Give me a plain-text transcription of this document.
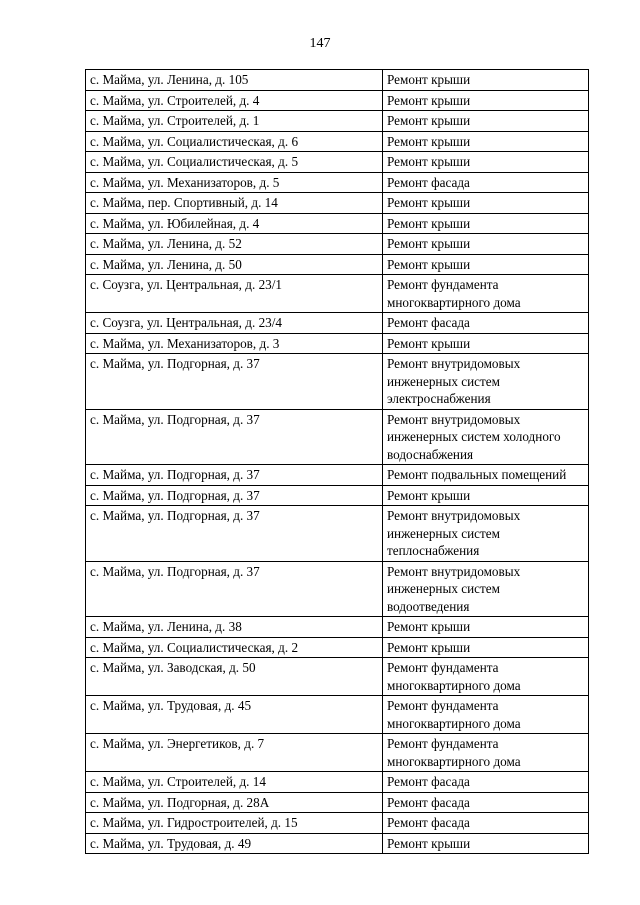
147
с. Майма, ул. Ленина, д. 105	Ремонт крыши
с. Майма, ул. Строителей, д. 4	Ремонт крыши
с. Майма, ул. Строителей, д. 1	Ремонт крыши
с. Майма, ул. Социалистическая, д. 6	Ремонт крыши
с. Майма, ул. Социалистическая, д. 5	Ремонт крыши
с. Майма, ул. Механизаторов, д. 5	Ремонт фасада
с. Майма, пер. Спортивный, д. 14	Ремонт крыши
с. Майма, ул. Юбилейная, д. 4	Ремонт крыши
с. Майма, ул. Ленина, д. 52	Ремонт крыши
с. Майма, ул. Ленина, д. 50	Ремонт крыши
с. Соузга, ул. Центральная, д. 23/1	Ремонт фундамента многоквартирного дома
с. Соузга, ул. Центральная, д. 23/4	Ремонт фасада
с. Майма, ул. Механизаторов, д. 3	Ремонт крыши
с. Майма, ул. Подгорная, д. 37	Ремонт внутридомовых инженерных систем электроснабжения
с. Майма, ул. Подгорная, д. 37	Ремонт внутридомовых инженерных систем холодного водоснабжения
с. Майма, ул. Подгорная, д. 37	Ремонт подвальных помещений
с. Майма, ул. Подгорная, д. 37	Ремонт крыши
с. Майма, ул. Подгорная, д. 37	Ремонт внутридомовых инженерных систем теплоснабжения
с. Майма, ул. Подгорная, д. 37	Ремонт внутридомовых инженерных систем водоотведения
с. Майма, ул. Ленина, д. 38	Ремонт крыши
с. Майма, ул. Социалистическая, д. 2	Ремонт крыши
с. Майма, ул. Заводская, д. 50	Ремонт фундамента многоквартирного дома
с. Майма, ул. Трудовая, д. 45	Ремонт фундамента многоквартирного дома
с. Майма, ул. Энергетиков, д. 7	Ремонт фундамента многоквартирного дома
с. Майма, ул. Строителей, д. 14	Ремонт фасада
с. Майма, ул. Подгорная, д. 28А	Ремонт фасада
с. Майма, ул. Гидростроителей, д. 15	Ремонт фасада
с. Майма, ул. Трудовая, д. 49	Ремонт крыши
